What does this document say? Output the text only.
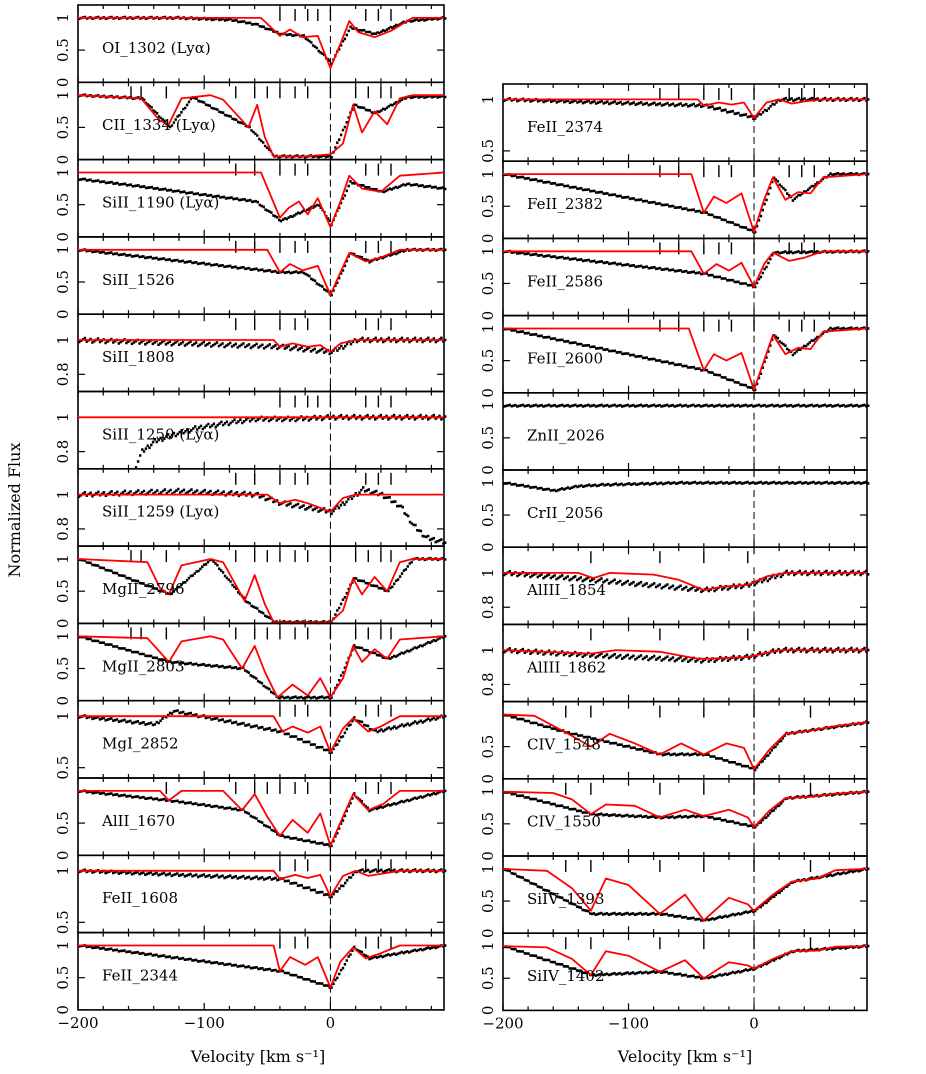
0
0.5
1
OI_1302 (Lyα)
0
0.5
1
CII_1334 (Lyα)
0
0.5
1
SiII_1190 (Lyα)
0
0.5
1
SiII_1526
0.8
1
SiII_1808
0.8
1
SiII_1250 (Lyα)
0.8
1
SiII_1259 (Lyα)
0
0.5
1
MgII_2796
0
0.5
1
MgII_2803
0.5
1
MgI_2852
0
0.5 AlII_1670
0.5
1
FeII_1608
0
0.5
1
FeII_2344
−200	−100	0
0.5
1
FeII_2374
0
0.5
1
FeII_2382
0
0.5
1
FeII_2586
0
0.5
1
FeII_2600
0
0.5
1
ZnII_2026
0
0.5
1
CrII_2056
0.8
1
AlIII_1854
0.8
1
AlIII_1862
0
0.5 CIV_1548
0
0.5
1
CIV_1550
0
0.5
1
SiIV_1393
0
0.5
1
SiIV_1402
−200	−100	0
Normalized Flux
Velocity [km s⁻¹]	Velocity [km s⁻¹]
